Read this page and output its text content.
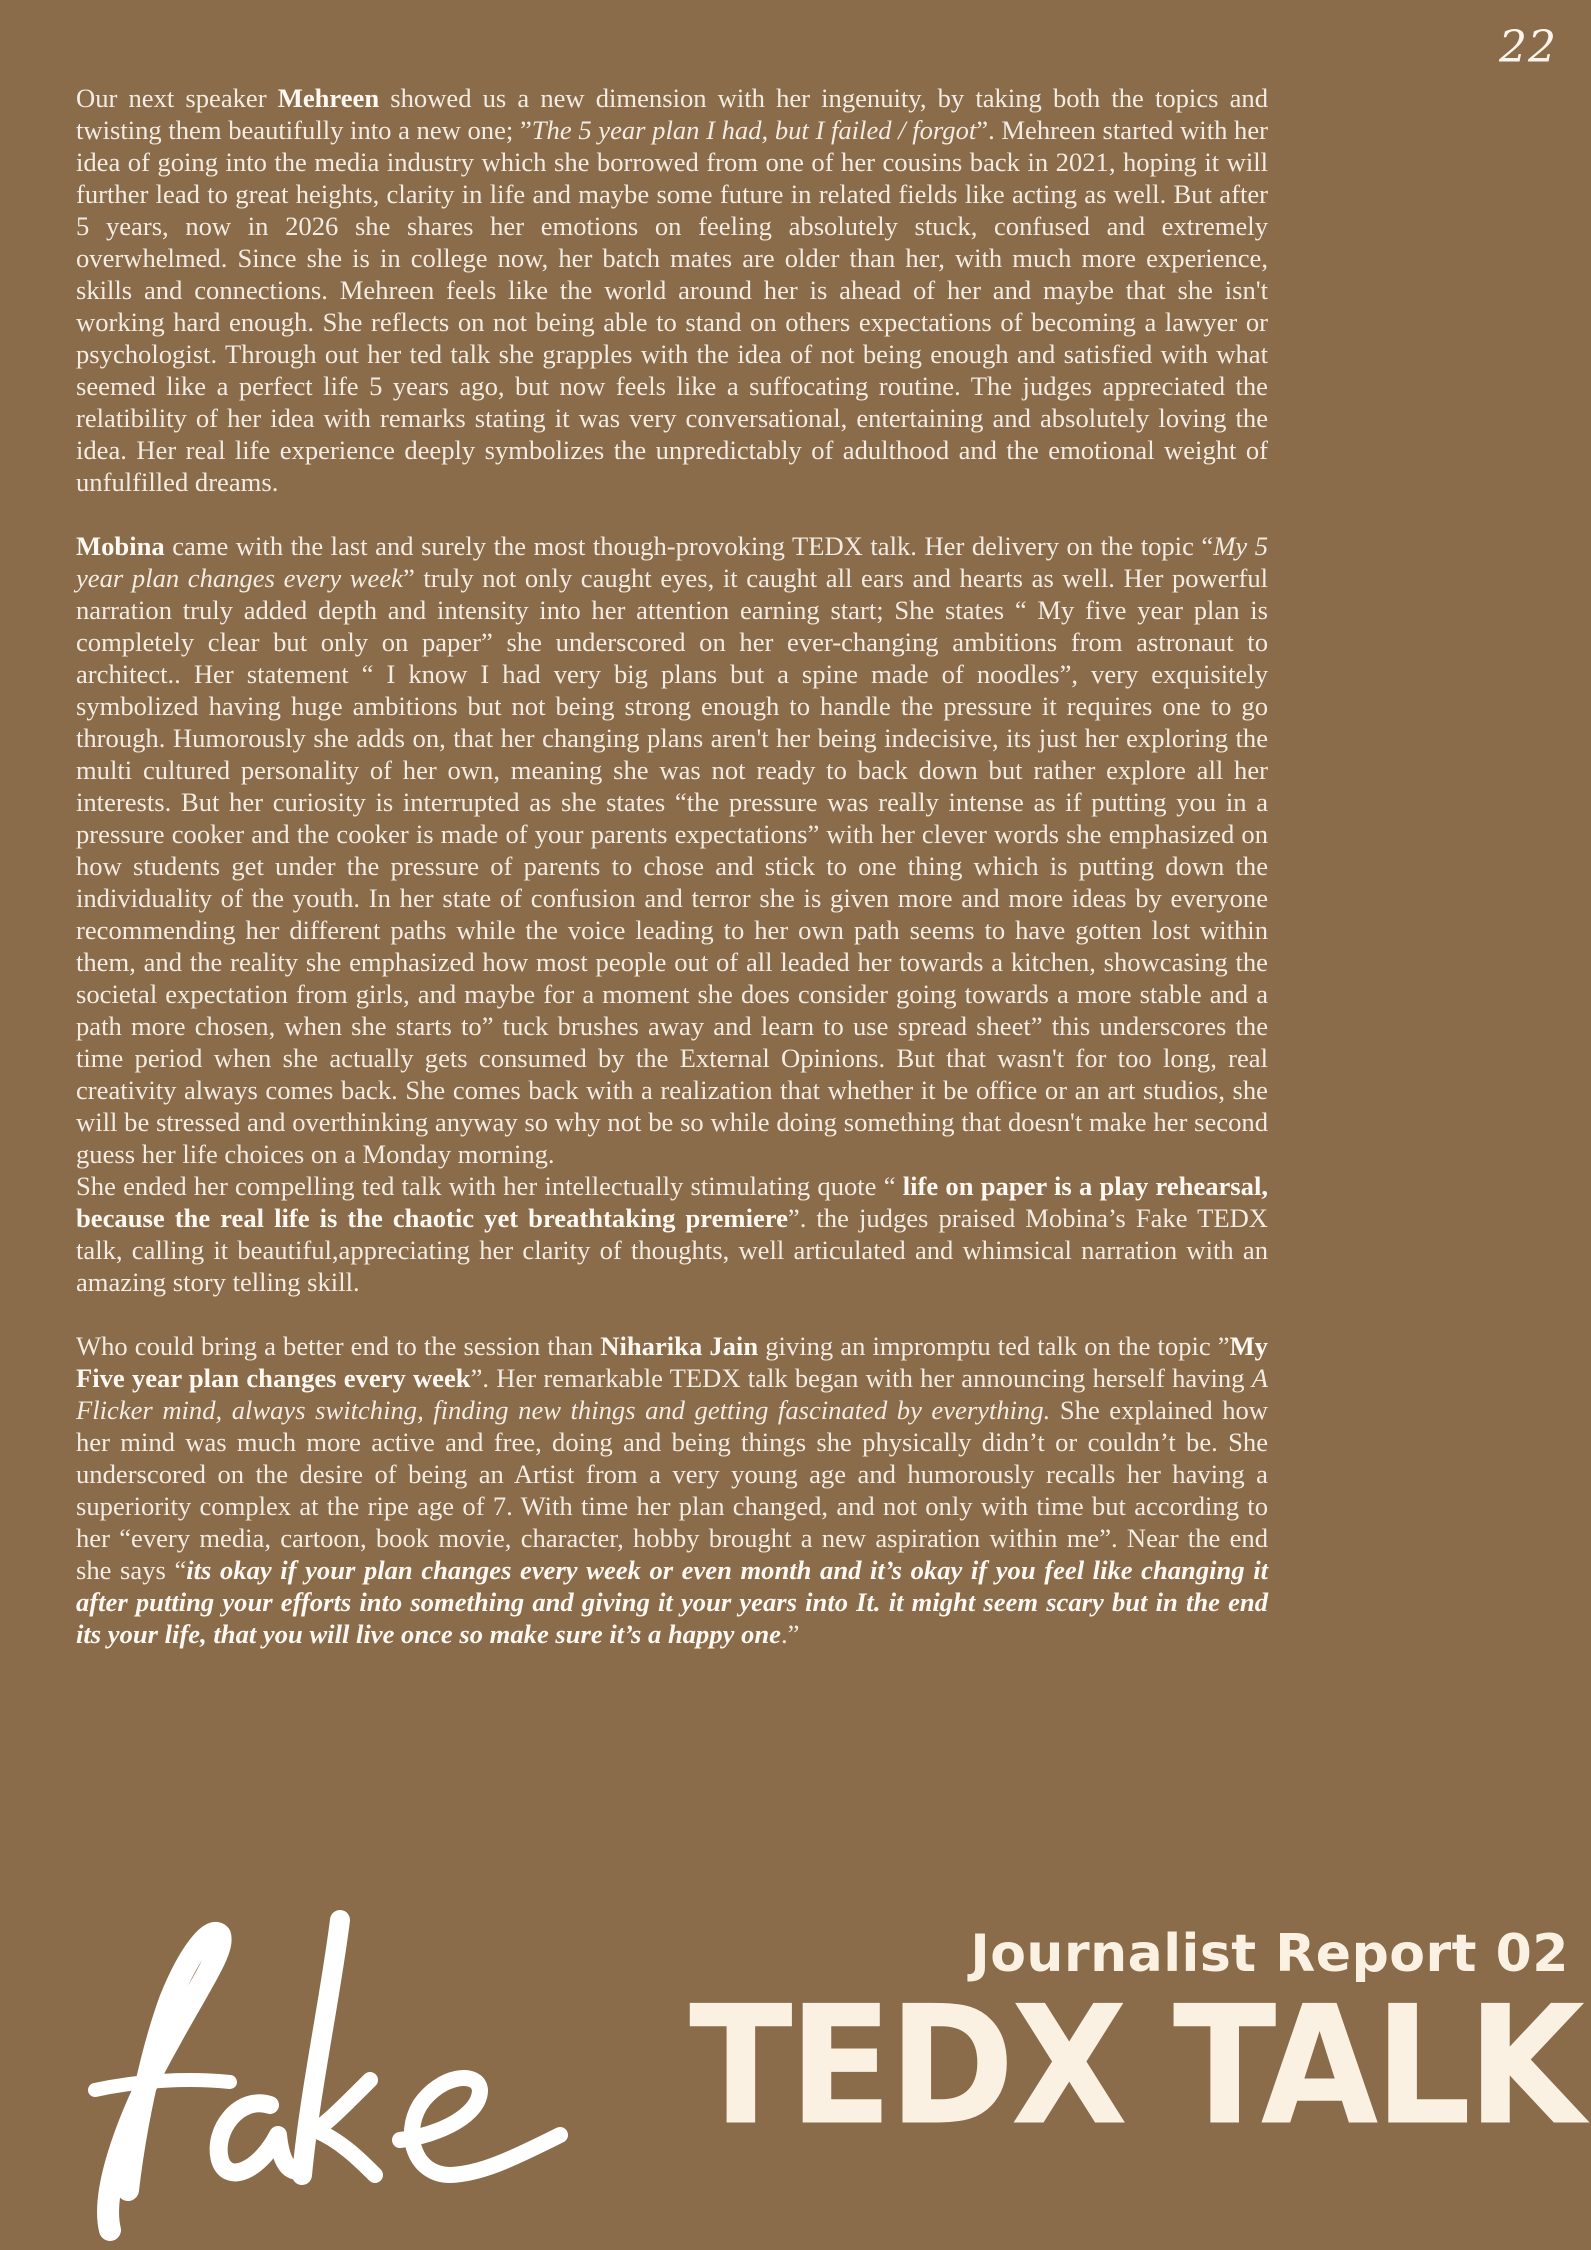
22

Our next speaker Mehreen showed us a new dimension with her ingenuity, by taking both the topics and twisting them beautifully into a new one; ”The 5 year plan I had, but I failed / forgot”. Mehreen started with her idea of going into the media industry which she borrowed from one of her cousins back in 2021, hoping it will further lead to great heights, clarity in life and maybe some future in related fields like acting as well. But after 5 years, now in 2026 she shares her emotions on feeling absolutely stuck, confused and extremely overwhelmed. Since she is in college now, her batch mates are older than her, with much more experience, skills and connections. Mehreen feels like the world around her is ahead of her and maybe that she isn't working hard enough. She reflects on not being able to stand on others expectations of becoming a lawyer or psychologist. Through out her ted talk she grapples with the idea of not being enough and satisfied with what seemed like a perfect life 5 years ago, but now feels like a suffocating routine. The judges appreciated the relatibility of her idea with remarks stating it was very conversational, entertaining and absolutely loving the idea. Her real life experience deeply symbolizes the unpredictably of adulthood and the emotional weight of unfulfilled dreams.

Mobina came with the last and surely the most though-provoking TEDX talk. Her delivery on the topic “My 5 year plan changes every week” truly not only caught eyes, it caught all ears and hearts as well. Her powerful narration truly added depth and intensity into her attention earning start; She states “ My five year plan is completely clear but only on paper” she underscored on her ever-changing ambitions from astronaut to architect.. Her statement “ I know I had very big plans but a spine made of noodles”, very exquisitely symbolized having huge ambitions but not being strong enough to handle the pressure it requires one to go through. Humorously she adds on, that her changing plans aren't her being indecisive, its just her exploring the multi cultured personality of her own, meaning she was not ready to back down but rather explore all her interests. But her curiosity is interrupted as she states “the pressure was really intense as if putting you in a pressure cooker and the cooker is made of your parents expectations” with her clever words she emphasized on how students get under the pressure of parents to chose and stick to one thing which is putting down the individuality of the youth. In her state of confusion and terror she is given more and more ideas by everyone recommending her different paths while the voice leading to her own path seems to have gotten lost within them, and the reality she emphasized how most people out of all leaded her towards a kitchen, showcasing the societal expectation from girls, and maybe for a moment she does consider going towards a more stable and a path more chosen, when she starts to” tuck brushes away and learn to use spread sheet” this underscores the time period when she actually gets consumed by the External Opinions. But that wasn't for too long, real creativity always comes back. She comes back with a realization that whether it be office or an art studios, she will be stressed and overthinking anyway so why not be so while doing something that doesn't make her second guess her life choices on a Monday morning.

She ended her compelling ted talk with her intellectually stimulating quote “ life on paper is a play rehearsal, because the real life is the chaotic yet breathtaking premiere”. the judges praised Mobina’s Fake TEDX talk, calling it beautiful,appreciating her clarity of thoughts, well articulated and whimsical narration with an amazing story telling skill.

Who could bring a better end to the session than Niharika Jain giving an impromptu ted talk on the topic ”My Five year plan changes every week”. Her remarkable TEDX talk began with her announcing herself having A Flicker mind, always switching, finding new things and getting fascinated by everything. She explained how her mind was much more active and free, doing and being things she physically didn’t or couldn’t be. She underscored on the desire of being an Artist from a very young age and humorously recalls her having a superiority complex at the ripe age of 7. With time her plan changed, and not only with time but according to her “every media, cartoon, book movie, character, hobby brought a new aspiration within me”. Near the end she says “its okay if your plan changes every week or even month and it’s okay if you feel like changing it after putting your efforts into something and giving it your years into It. it might seem scary but in the end its your life, that you will live once so make sure it’s a happy one.”

Journalist Report 02
TEDX TALK
